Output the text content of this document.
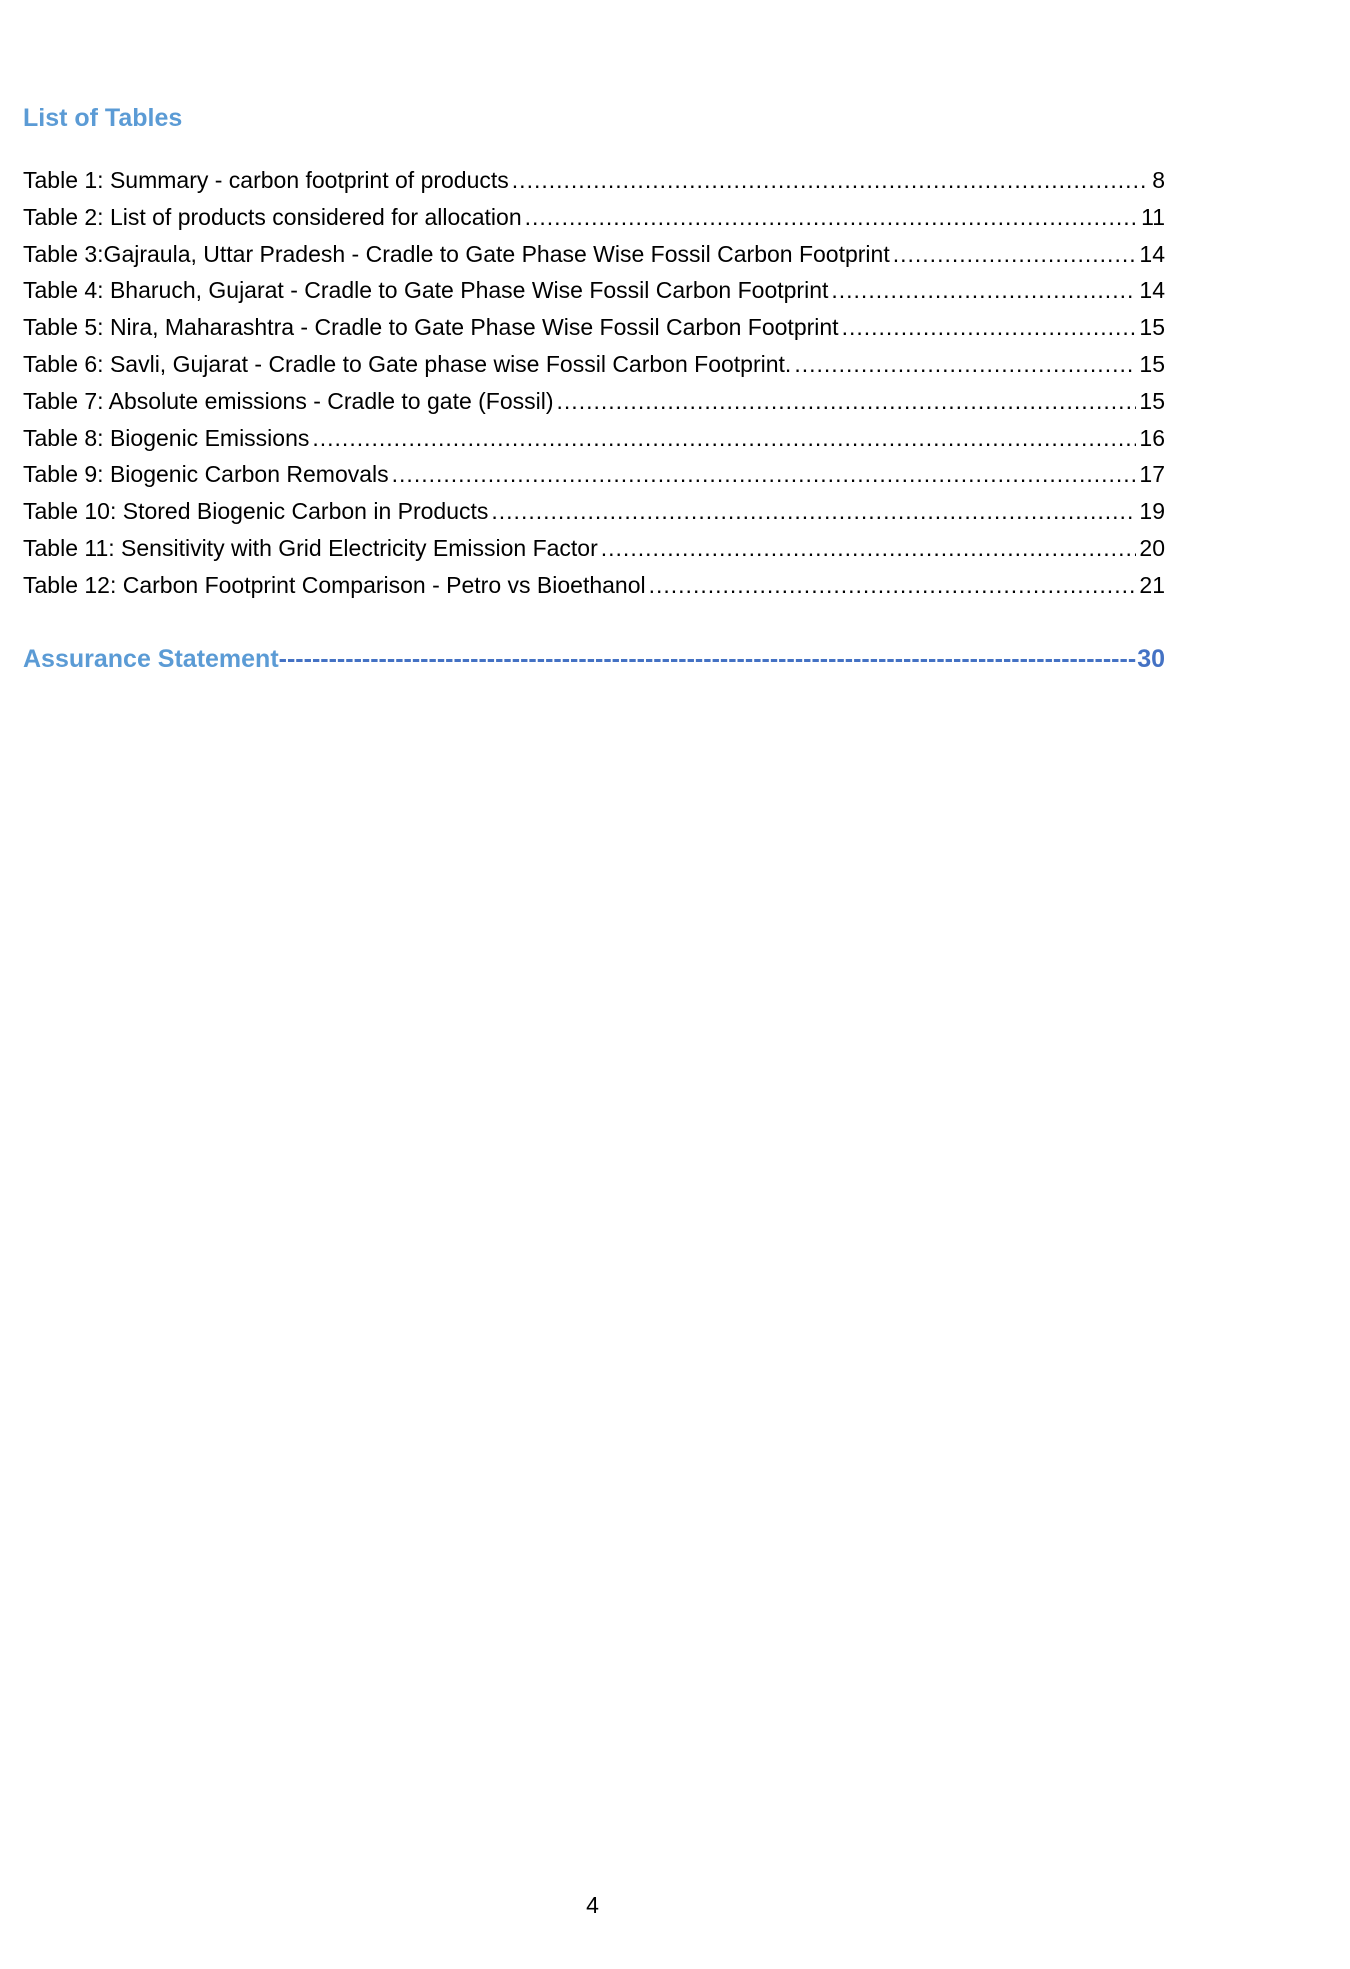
List of Tables
Table 1: Summary - carbon footprint of products .....	8
Table 2: List of products considered for allocation .....	11
Table 3:Gajraula, Uttar Pradesh - Cradle to Gate Phase Wise Fossil Carbon Footprint .....	14
Table 4: Bharuch, Gujarat - Cradle to Gate Phase Wise Fossil Carbon Footprint .....	14
Table 5: Nira, Maharashtra - Cradle to Gate Phase Wise Fossil Carbon Footprint .....	15
Table 6: Savli, Gujarat - Cradle to Gate phase wise Fossil Carbon Footprint. .....	15
Table 7: Absolute emissions - Cradle to gate (Fossil) .....	15
Table 8: Biogenic Emissions .....	16
Table 9: Biogenic Carbon Removals .....	17
Table 10: Stored Biogenic Carbon in Products .....	19
Table 11: Sensitivity with Grid Electricity Emission Factor .....	20
Table 12: Carbon Footprint Comparison - Petro vs Bioethanol .....	21
Assurance Statement -----	30
4
